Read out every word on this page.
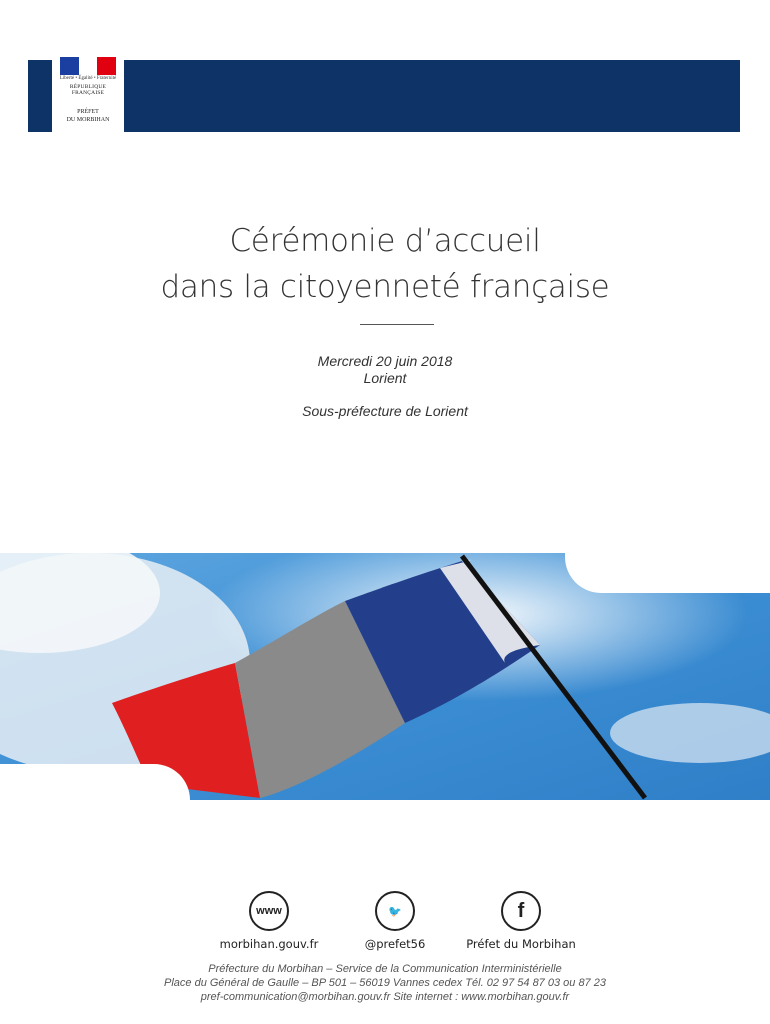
Liberté • Égalité • Fraternité
RÉPUBLIQUE FRANÇAISE
PRÉFET
DU MORBIHAN
Cérémonie d’accueil
dans la citoyenneté française
Mercredi 20 juin 2018
Lorient
Sous-préfecture de Lorient
www
morbihan.gouv.fr
🐦
@prefet56
f
Préfet du Morbihan
Préfecture du Morbihan – Service de la Communication Interministérielle
Place du Général de Gaulle – BP 501 – 56019 Vannes cedex Tél. 02 97 54 87 03 ou 87 23
pref-communication@morbihan.gouv.fr Site internet : www.morbihan.gouv.fr
